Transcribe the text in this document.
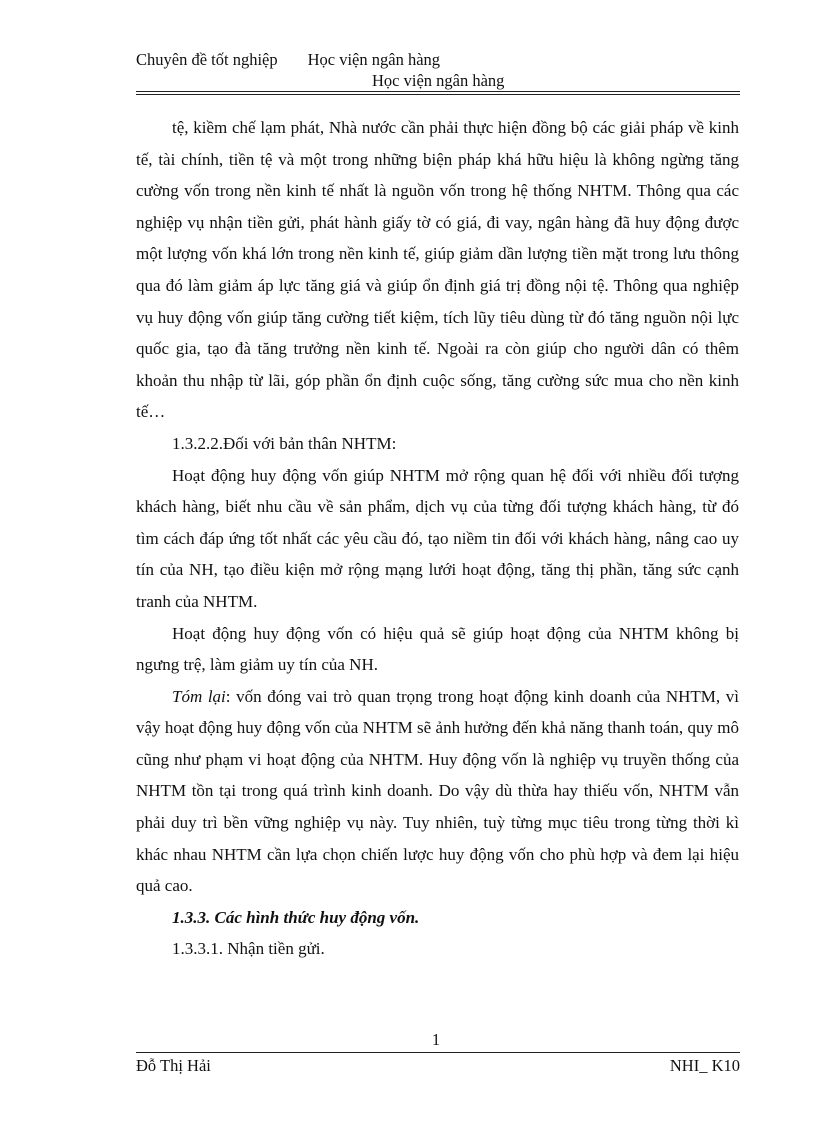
Chuyên đề tốt nghiệp Học viện ngân hàng
Học viện ngân hàng

tệ, kiềm chế lạm phát, Nhà nước cần phải thực hiện đồng bộ các giải pháp về kinh tế, tài chính, tiền tệ và một trong những biện pháp khá hữu hiệu là không ngừng tăng cường vốn trong nền kinh tế nhất là nguồn vốn trong hệ thống NHTM. Thông qua các nghiệp vụ nhận tiền gửi, phát hành giấy tờ có giá, đi vay, ngân hàng đã huy động được một lượng vốn khá lớn trong nền kinh tế, giúp giảm dần lượng tiền mặt trong lưu thông qua đó làm giảm áp lực tăng giá và giúp ổn định giá trị đồng nội tệ. Thông qua nghiệp vụ huy động vốn giúp tăng cường tiết kiệm, tích lũy tiêu dùng từ đó tăng nguồn nội lực quốc gia, tạo đà tăng trưởng nền kinh tế. Ngoài ra còn giúp cho người dân có thêm khoản thu nhập từ lãi, góp phần ổn định cuộc sống, tăng cường sức mua cho nền kinh tế…

1.3.2.2.Đối với bản thân NHTM:

Hoạt động huy động vốn giúp NHTM mở rộng quan hệ đối với nhiều đối tượng khách hàng, biết nhu cầu về sản phẩm, dịch vụ của từng đối tượng khách hàng, từ đó tìm cách đáp ứng tốt nhất các yêu cầu đó, tạo niềm tin đối với khách hàng, nâng cao uy tín của NH, tạo điều kiện mở rộng mạng lưới hoạt động, tăng thị phần, tăng sức cạnh tranh của NHTM.

Hoạt động huy động vốn có hiệu quả sẽ giúp hoạt động của NHTM không bị ngưng trệ, làm giảm uy tín của NH.

Tóm lại: vốn đóng vai trò quan trọng trong hoạt động kinh doanh của NHTM, vì vậy hoạt động huy động vốn của NHTM sẽ ảnh hưởng đến khả năng thanh toán, quy mô cũng như phạm vi hoạt động của NHTM. Huy động vốn là nghiệp vụ truyền thống của NHTM tồn tại trong quá trình kinh doanh. Do vậy dù thừa hay thiếu vốn, NHTM vẫn phải duy trì bền vững nghiệp vụ này. Tuy nhiên, tuỳ từng mục tiêu trong từng thời kì khác nhau NHTM cần lựa chọn chiến lược huy động vốn cho phù hợp và đem lại hiệu quả cao.

1.3.3. Các hình thức huy động vốn.

1.3.3.1. Nhận tiền gửi.

1
Đỗ Thị Hải	NHI_ K10
